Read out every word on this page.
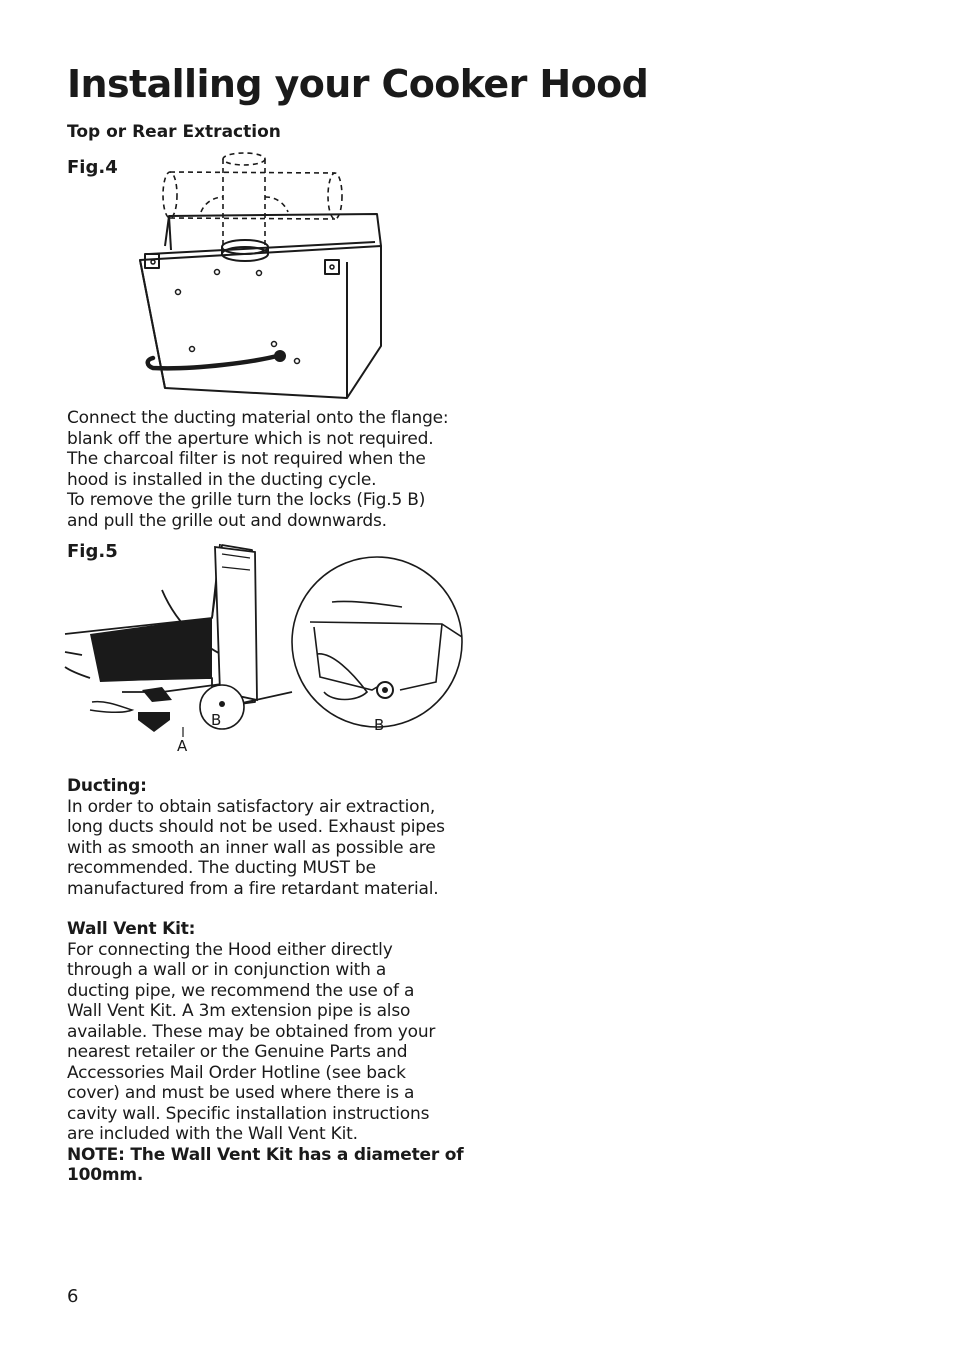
Installing your Cooker Hood
Top or Rear Extraction
Fig.4

Connect the ducting material onto the flange:

blank off the aperture which is not required.

The charcoal filter is not required when the

hood is installed in the ducting cycle.

To remove the grille turn the locks (Fig.5 B)

and pull the grille out and downwards.

Fig.5
B
A
B

Ducting:

In order to obtain satisfactory air extraction,

long ducts should not be used. Exhaust pipes

with as smooth an inner wall as possible are

recommended. The ducting MUST be

manufactured from a fire retardant material.

Wall Vent Kit:

For connecting the Hood either directly

through a wall or in conjunction with a

ducting pipe, we recommend the use of a

Wall Vent Kit. A 3m extension pipe is also

available. These may be obtained from your

nearest retailer or the Genuine Parts and

Accessories Mail Order Hotline (see back

cover) and must be used where there is a

cavity wall. Specific installation instructions

are included with the Wall Vent Kit.

NOTE: The Wall Vent Kit has a diameter of

100mm.

6
